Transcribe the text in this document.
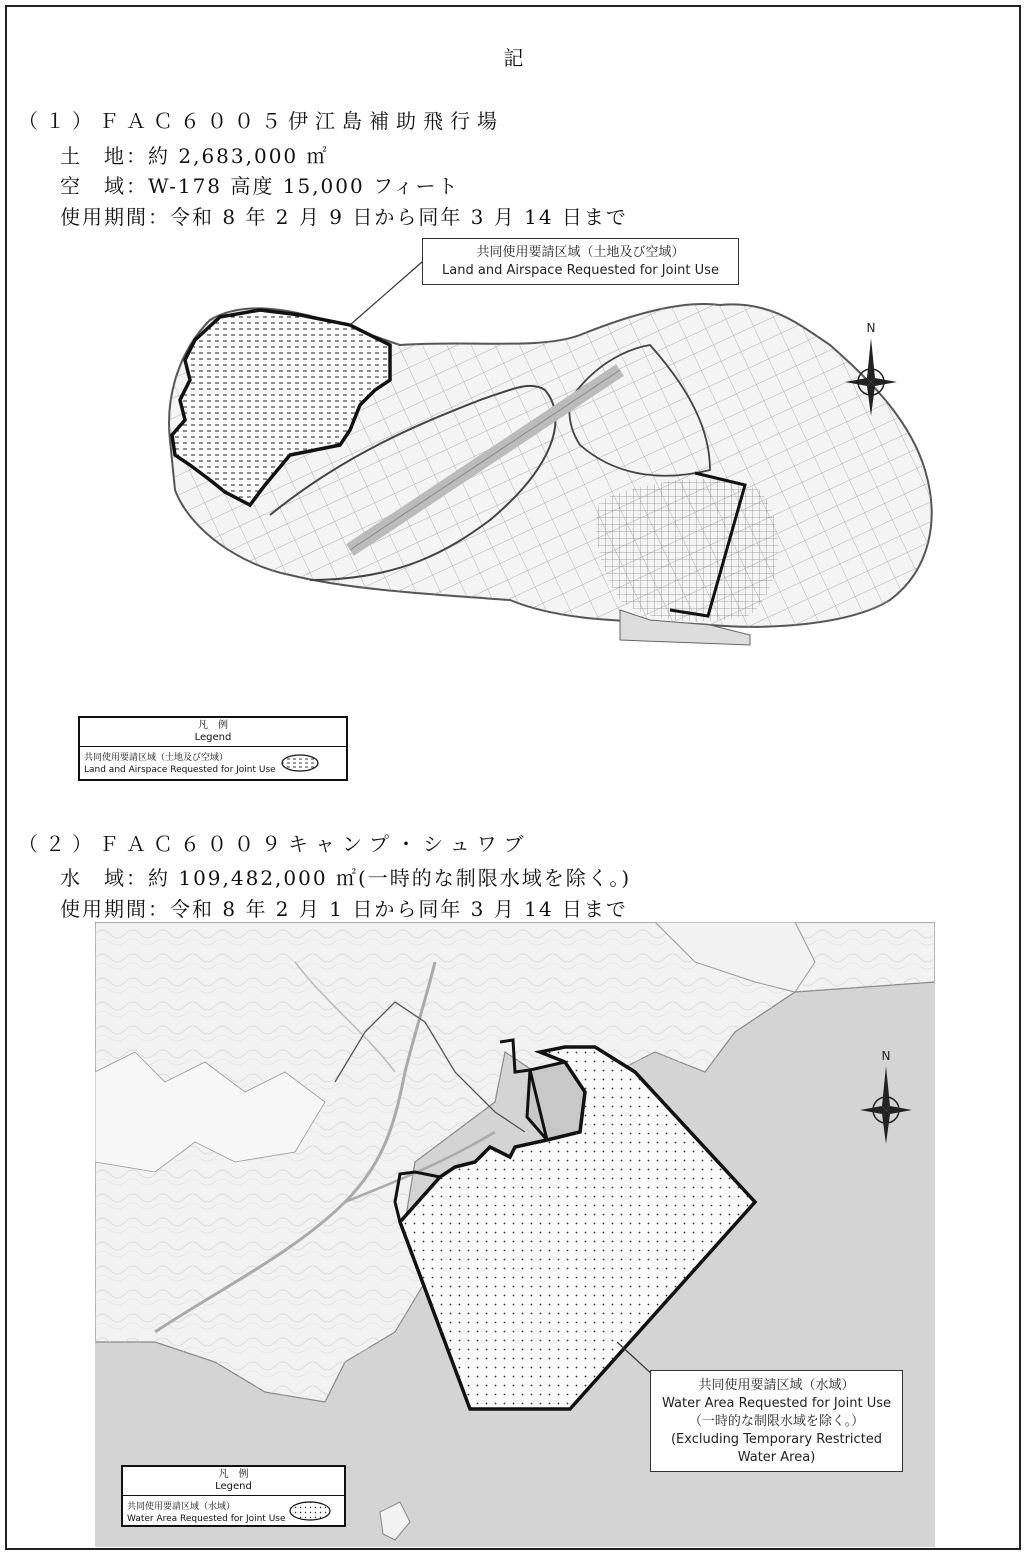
記
（１）ＦＡＣ６００５伊江島補助飛行場
土　地：約 2,683,000 ㎡
空　域：W-178 高度 15,000 フィート
使用期間：令和 8 年 2 月 9 日から同年 3 月 14 日まで
共同使用要請区域（土地及び空域）
Land and Airspace Requested for Joint Use
N
凡　例
Legend
共同使用要請区域（土地及び空域）
Land and Airspace Requested for Joint Use
（２）ＦＡＣ６００９キャンプ・シュワブ
水　域：約 109,482,000 ㎡(一時的な制限水域を除く。)
使用期間：令和 8 年 2 月 1 日から同年 3 月 14 日まで
N
共同使用要請区域（水域）
Water Area Requested for Joint Use
（一時的な制限水域を除く。）
(Excluding Temporary Restricted
Water Area)
凡　例
Legend
共同使用要請区域（水域）
Water Area Requested for Joint Use
